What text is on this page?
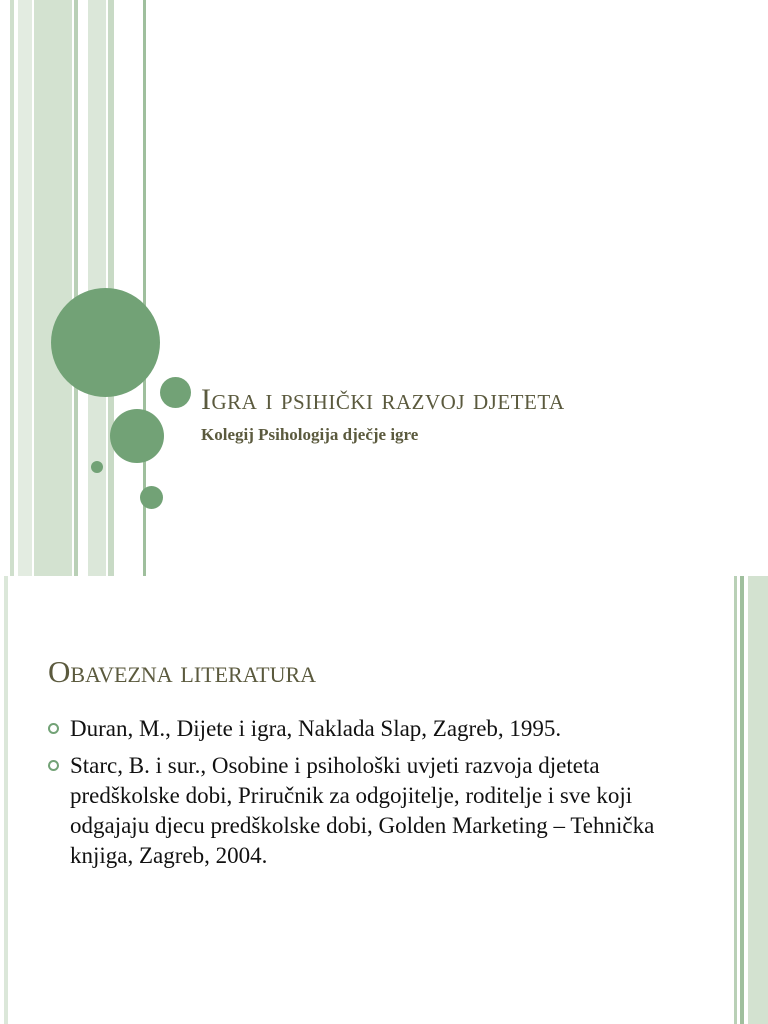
Igra i psihički razvoj djeteta

Kolegij Psihologija dječje igre

Obavezna literatura
Duran, M., Dijete i igra, Naklada Slap, Zagreb, 1995.
Starc, B. i sur., Osobine i psihološki uvjeti razvoja djeteta predškolske dobi, Priručnik za odgojitelje, roditelje i sve koji odgajaju djecu predškolske dobi, Golden Marketing – Tehnička knjiga, Zagreb, 2004.
